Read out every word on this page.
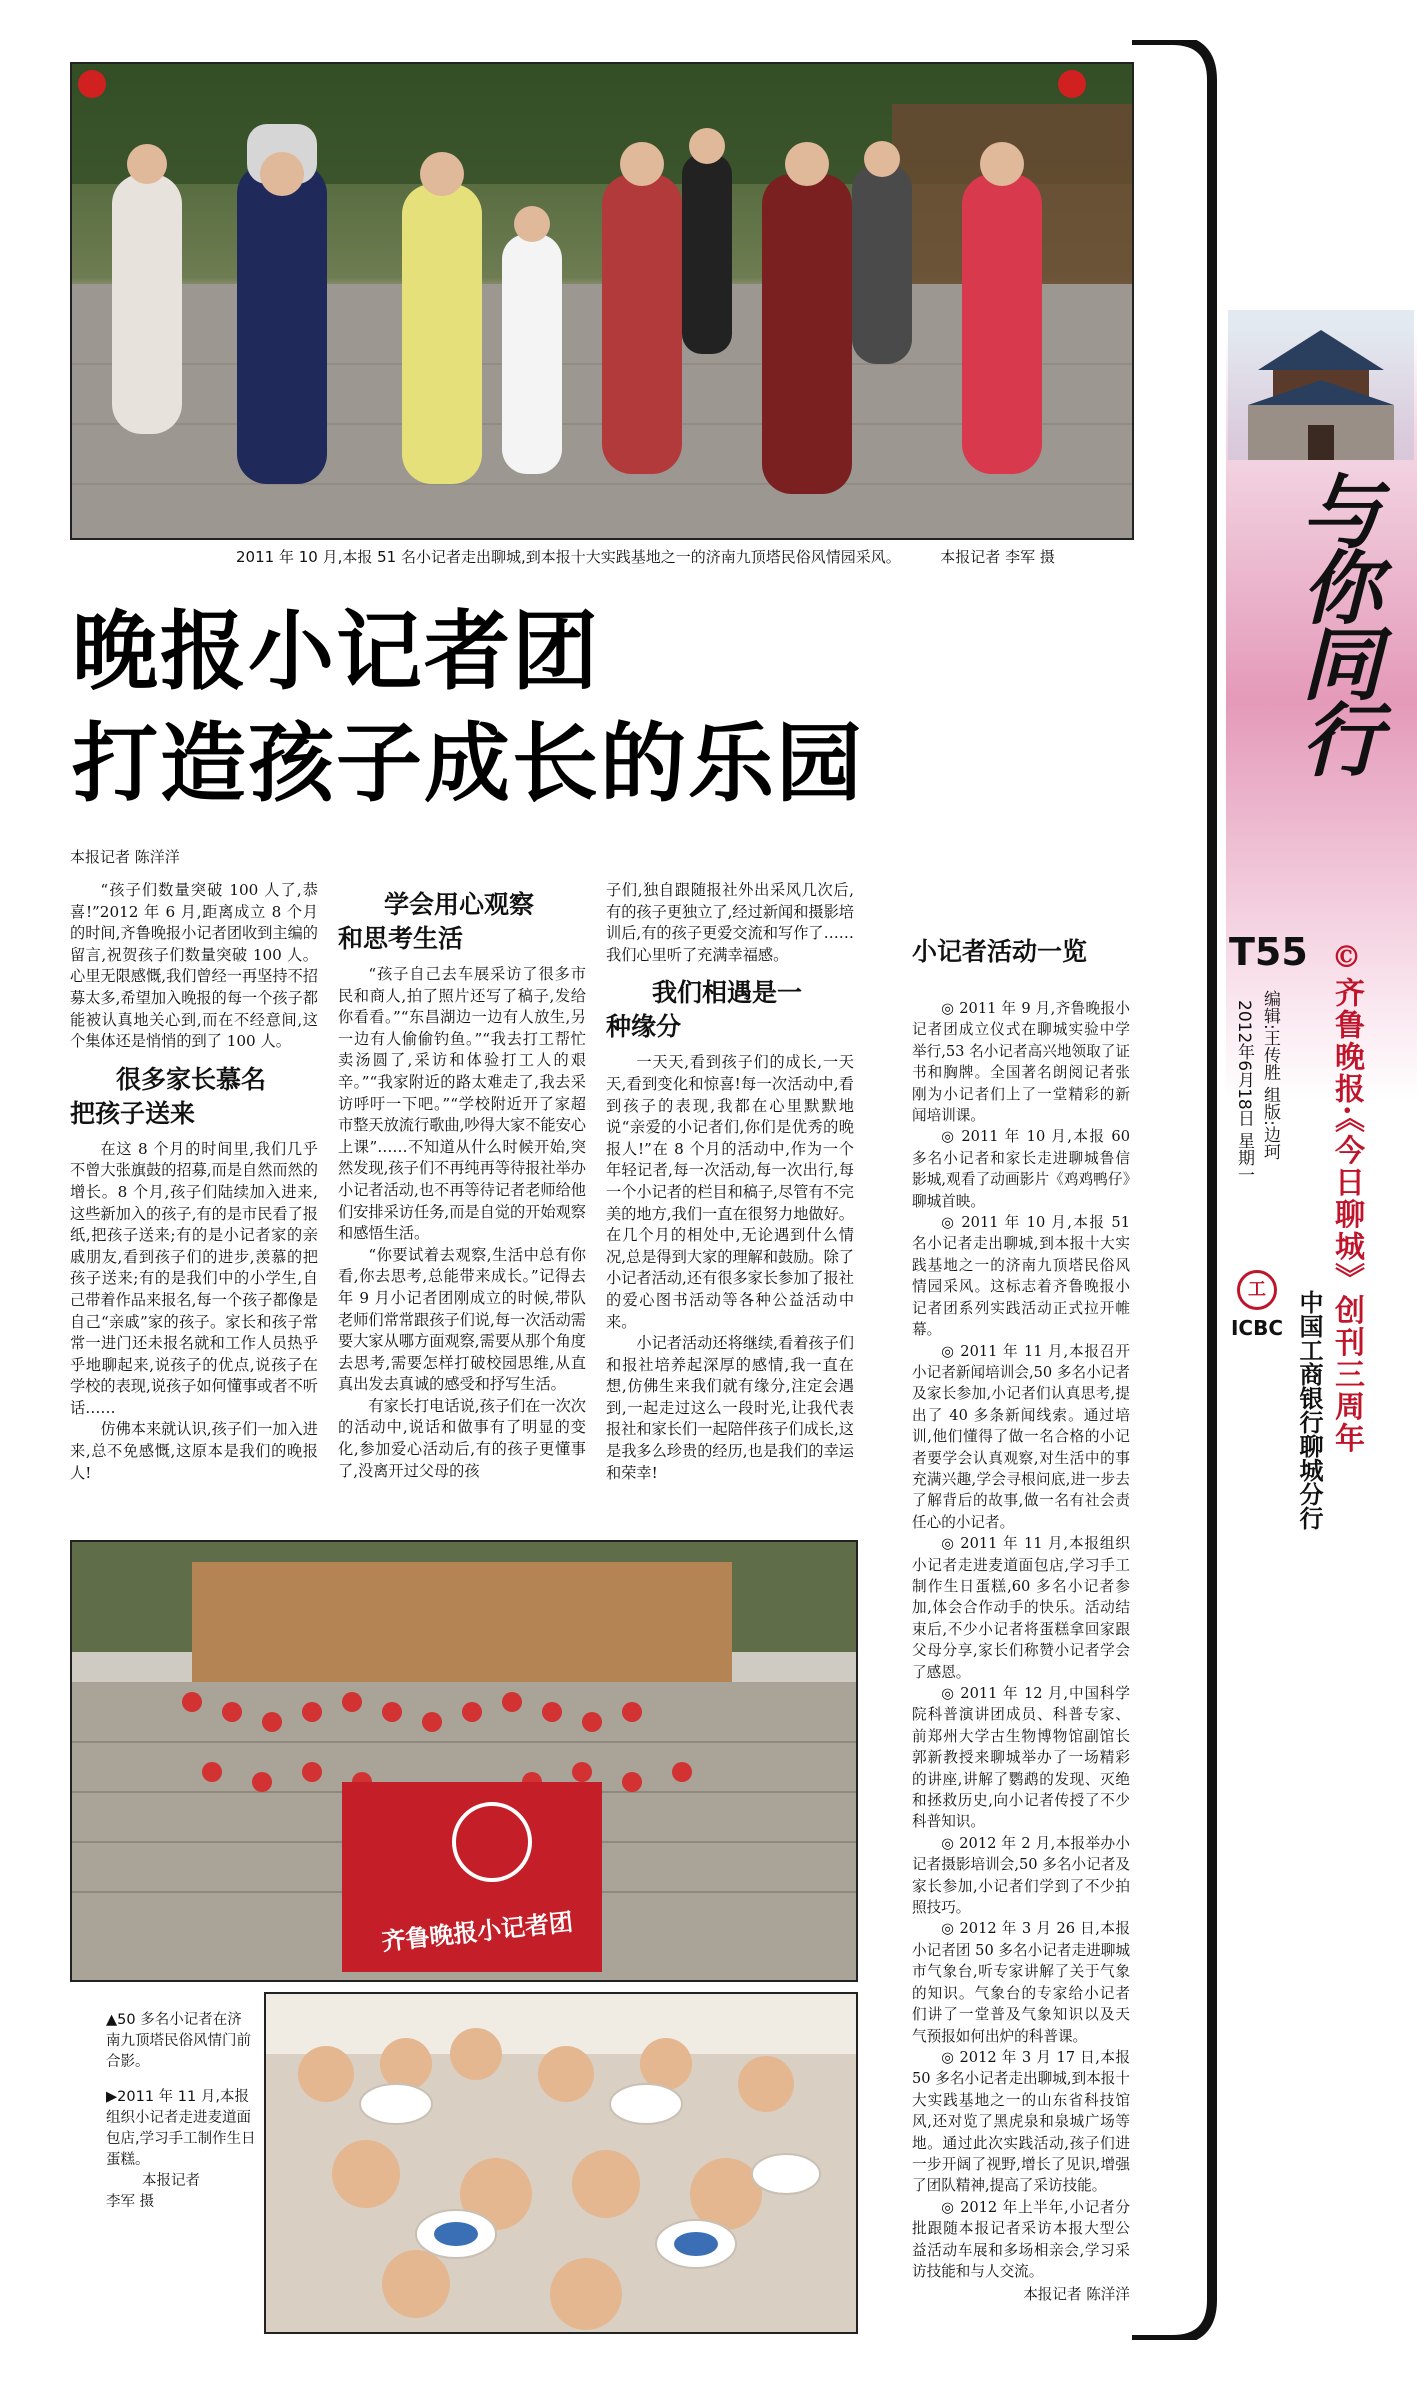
2011 年 10 月,本报 51 名小记者走出聊城,到本报十大实践基地之一的济南九顶塔民俗风情园采风。	本报记者 李军 摄
晚报小记者团
打造孩子成长的乐园
本报记者 陈洋洋

“孩子们数量突破 100 人了,恭喜!”2012 年 6 月,距离成立 8 个月的时间,齐鲁晚报小记者团收到主编的留言,祝贺孩子们数量突破 100 人。心里无限感慨,我们曾经一再坚持不招募太多,希望加入晚报的每一个孩子都能被认真地关心到,而在不经意间,这个集体还是悄悄的到了 100 人。

很多家长慕名
把孩子送来

在这 8 个月的时间里,我们几乎不曾大张旗鼓的招募,而是自然而然的增长。8 个月,孩子们陆续加入进来,这些新加入的孩子,有的是市民看了报纸,把孩子送来;有的是小记者家的亲戚朋友,看到孩子们的进步,羡慕的把孩子送来;有的是我们中的小学生,自己带着作品来报名,每一个孩子都像是自己“亲戚”家的孩子。家长和孩子常常一进门还未报名就和工作人员热乎乎地聊起来,说孩子的优点,说孩子在学校的表现,说孩子如何懂事或者不听话……

仿佛本来就认识,孩子们一加入进来,总不免感慨,这原本是我们的晚报人!

学会用心观察
和思考生活

“孩子自己去车展采访了很多市民和商人,拍了照片还写了稿子,发给你看看。”“东昌湖边一边有人放生,另一边有人偷偷钓鱼。”“我去打工帮忙卖汤圆了,采访和体验打工人的艰辛。”“我家附近的路太难走了,我去采访呼吁一下吧。”“学校附近开了家超市整天放流行歌曲,吵得大家不能安心上课”……不知道从什么时候开始,突然发现,孩子们不再纯再等待报社举办小记者活动,也不再等待记者老师给他们安排采访任务,而是自觉的开始观察和感悟生活。

“你要试着去观察,生活中总有你看,你去思考,总能带来成长。”记得去年 9 月小记者团刚成立的时候,带队老师们常常跟孩子们说,每一次活动需要大家从哪方面观察,需要从那个角度去思考,需要怎样打破校园思维,从直真出发去真诚的感受和抒写生活。

有家长打电话说,孩子们在一次次的活动中,说话和做事有了明显的变化,参加爱心活动后,有的孩子更懂事了,没离开过父母的孩

子们,独自跟随报社外出采风几次后,有的孩子更独立了,经过新闻和摄影培训后,有的孩子更爱交流和写作了……我们心里听了充满幸福感。

我们相遇是一
种缘分

一天天,看到孩子们的成长,一天天,看到变化和惊喜!每一次活动中,看到孩子的表现,我都在心里默默地说“亲爱的小记者们,你们是优秀的晚报人!”在 8 个月的活动中,作为一个年轻记者,每一次活动,每一次出行,每一个小记者的栏目和稿子,尽管有不完美的地方,我们一直在很努力地做好。在几个月的相处中,无论遇到什么情况,总是得到大家的理解和鼓励。除了小记者活动,还有很多家长参加了报社的爱心图书活动等各种公益活动中来。

小记者活动还将继续,看着孩子们和报社培养起深厚的感情,我一直在想,仿佛生来我们就有缘分,注定会遇到,一起走过这么一段时光,让我代表报社和家长们一起陪伴孩子们成长,这是我多么珍贵的经历,也是我们的幸运和荣幸!

小记者活动一览

◎ 2011 年 9 月,齐鲁晚报小记者团成立仪式在聊城实验中学举行,53 名小记者高兴地领取了证书和胸牌。全国著名朗阅记者张刚为小记者们上了一堂精彩的新闻培训课。

◎ 2011 年 10 月,本报 60 多名小记者和家长走进聊城鲁信影城,观看了动画影片《鸡鸡鸭仔》聊城首映。

◎ 2011 年 10 月,本报 51 名小记者走出聊城,到本报十大实践基地之一的济南九顶塔民俗风情园采风。这标志着齐鲁晚报小记者团系列实践活动正式拉开帷幕。

◎ 2011 年 11 月,本报召开小记者新闻培训会,50 多名小记者及家长参加,小记者们认真思考,提出了 40 多条新闻线索。通过培训,他们懂得了做一名合格的小记者要学会认真观察,对生活中的事充满兴趣,学会寻根问底,进一步去了解背后的故事,做一名有社会责任心的小记者。

◎ 2011 年 11 月,本报组织小记者走进麦道面包店,学习手工制作生日蛋糕,60 多名小记者参加,体会合作动手的快乐。活动结束后,不少小记者将蛋糕拿回家跟父母分享,家长们称赞小记者学会了感恩。

◎ 2011 年 12 月,中国科学院科普演讲团成员、科普专家、前郑州大学古生物博物馆副馆长郭新教授来聊城举办了一场精彩的讲座,讲解了鹦鹉的发现、灭绝和拯救历史,向小记者传授了不少科普知识。

◎ 2012 年 2 月,本报举办小记者摄影培训会,50 多名小记者及家长参加,小记者们学到了不少拍照技巧。

◎ 2012 年 3 月 26 日,本报小记者团 50 多名小记者走进聊城市气象台,听专家讲解了关于气象的知识。气象台的专家给小记者们讲了一堂普及气象知识以及天气预报如何出炉的科普课。

◎ 2012 年 3 月 17 日,本报 50 多名小记者走出聊城,到本报十大实践基地之一的山东省科技馆风,还对览了黑虎泉和泉城广场等地。通过此次实践活动,孩子们进一步开阔了视野,增长了见识,增强了团队精神,提高了采访技能。

◎ 2012 年上半年,小记者分批跟随本报记者采访本报大型公益活动车展和多场相亲会,学习采访技能和与人交流。

本报记者 陈洋洋
齐鲁晚报小记者团
▲50 多名小记者在济南九顶塔民俗风情门前合影。
▶2011 年 11 月,本报组织小记者走进麦道面包店,学习手工制作生日蛋糕。
本报记者
李军 摄
与你同行
T55
2012年6月18日 星期一 编辑:王传胜 组版:边珂
©齐鲁晚报·《今日聊城》创刊三周年
工
ICBC 中国工商银行聊城分行
